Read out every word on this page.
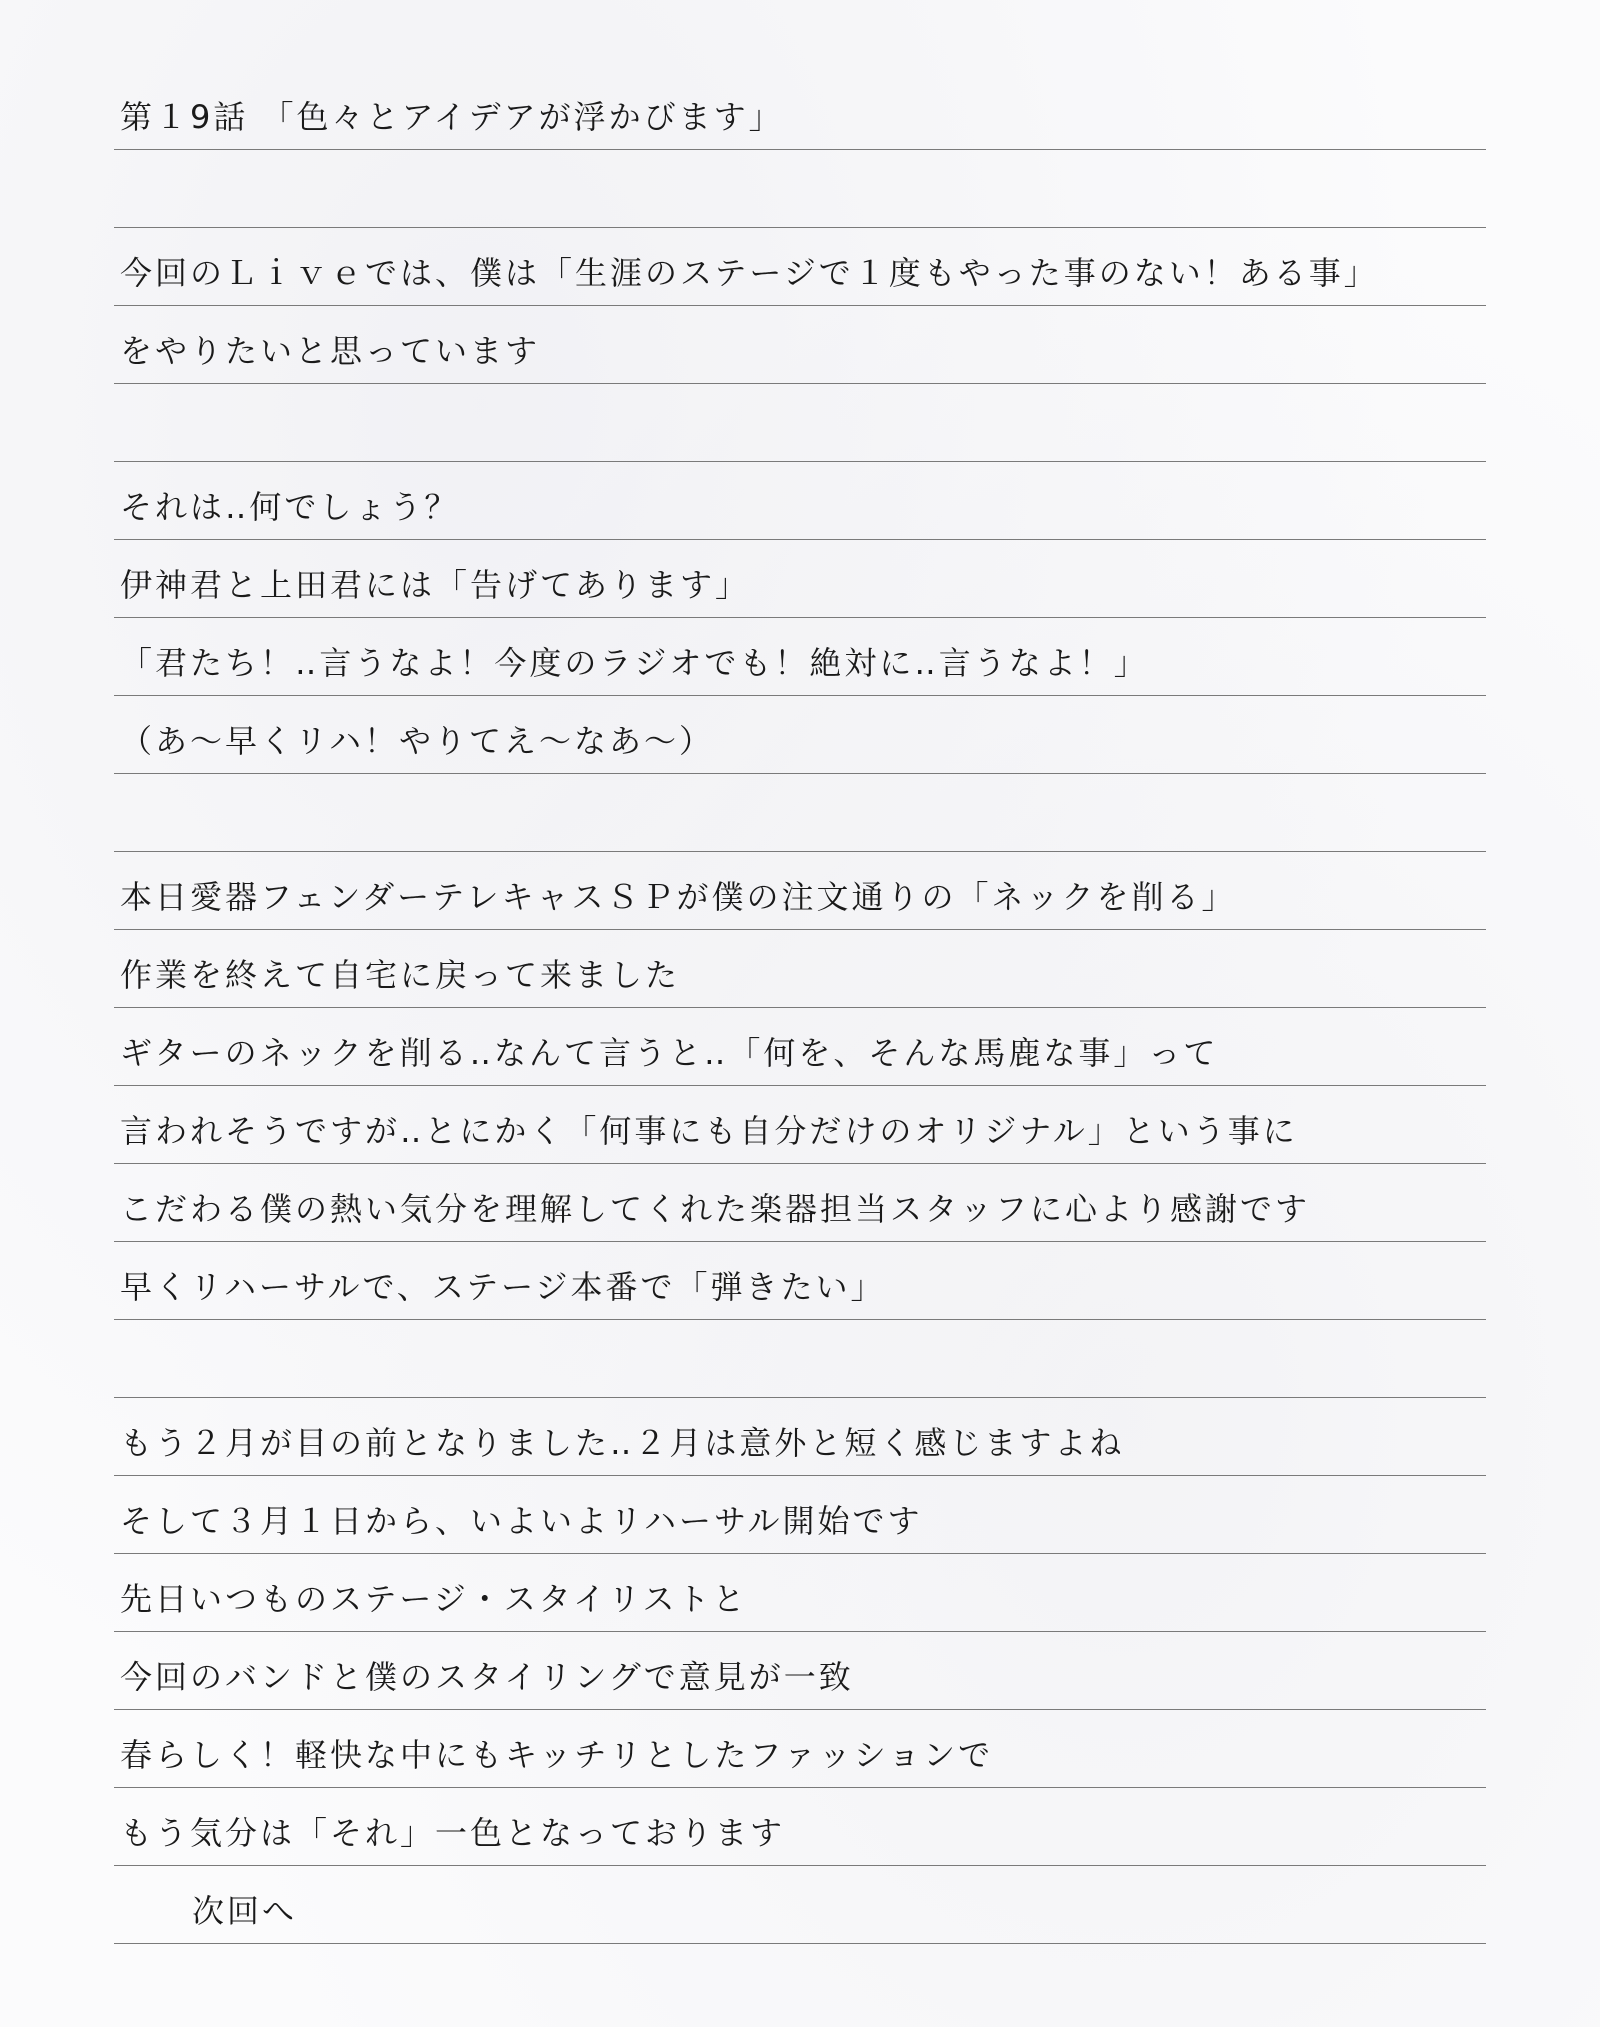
第１9話 「色々とアイデアが浮かびます」
今回のＬｉｖｅでは、僕は「生涯のステージで１度もやった事のない！ある事」
をやりたいと思っています
それは‥何でしょう？
伊神君と上田君には「告げてあります」
「君たち！‥言うなよ！今度のラジオでも！絶対に‥言うなよ！」
（あ～早くリハ！やりてえ～なあ～）
本日愛器フェンダーテレキャスＳＰが僕の注文通りの「ネックを削る」
作業を終えて自宅に戻って来ました
ギターのネックを削る‥なんて言うと‥「何を、そんな馬鹿な事」って
言われそうですが‥とにかく「何事にも自分だけのオリジナル」という事に
こだわる僕の熱い気分を理解してくれた楽器担当スタッフに心より感謝です
早くリハーサルで、ステージ本番で「弾きたい」
もう２月が目の前となりました‥２月は意外と短く感じますよね
そして３月１日から、いよいよリハーサル開始です
先日いつものステージ・スタイリストと
今回のバンドと僕のスタイリングで意見が一致
春らしく！軽快な中にもキッチリとしたファッションで
もう気分は「それ」一色となっております
次回へ
